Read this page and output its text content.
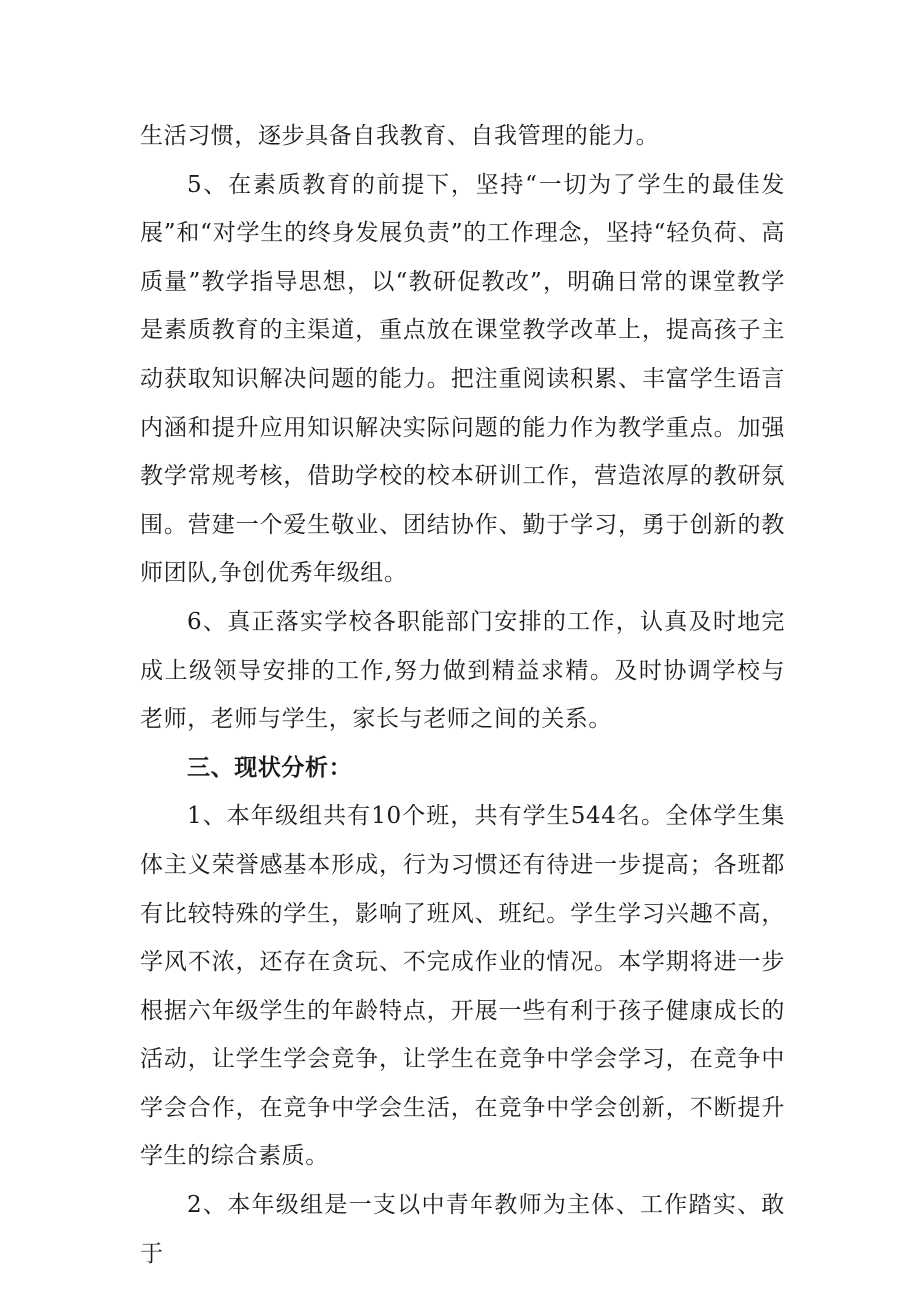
生活习惯，逐步具备自我教育、自我管理的能力。

5、在素质教育的前提下，坚持“一切为了学生的最佳发展”和“对学生的终身发展负责”的工作理念，坚持“轻负荷、高质量”教学指导思想，以“教研促教改”，明确日常的课堂教学是素质教育的主渠道，重点放在课堂教学改革上，提高孩子主动获取知识解决问题的能力。把注重阅读积累、丰富学生语言内涵和提升应用知识解决实际问题的能力作为教学重点。加强教学常规考核，借助学校的校本研训工作，营造浓厚的教研氛围。营建一个爱生敬业、团结协作、勤于学习，勇于创新的教师团队,争创优秀年级组。

6、真正落实学校各职能部门安排的工作，认真及时地完成上级领导安排的工作,努力做到精益求精。及时协调学校与老师，老师与学生，家长与老师之间的关系。

三、现状分析：

1、本年级组共有10个班，共有学生544名。全体学生集体主义荣誉感基本形成，行为习惯还有待进一步提高；各班都有比较特殊的学生，影响了班风、班纪。学生学习兴趣不高，学风不浓，还存在贪玩、不完成作业的情况。本学期将进一步根据六年级学生的年龄特点，开展一些有利于孩子健康成长的活动，让学生学会竞争，让学生在竞争中学会学习，在竞争中学会合作，在竞争中学会生活，在竞争中学会创新，不断提升学生的综合素质。

2、本年级组是一支以中青年教师为主体、工作踏实、敢于
